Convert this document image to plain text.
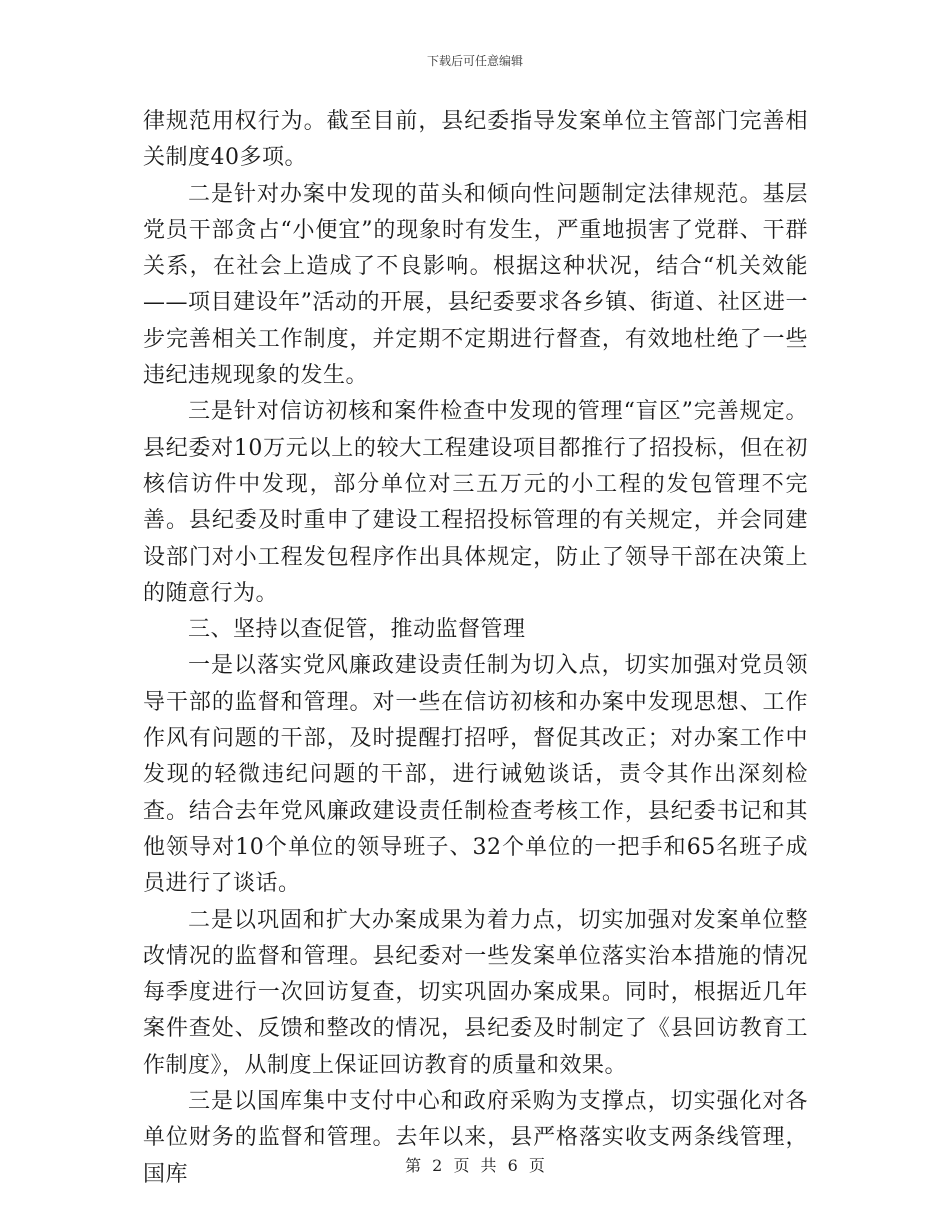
下载后可任意编辑

律规范用权行为。截至目前，县纪委指导发案单位主管部门完善相关制度40多项。

二是针对办案中发现的苗头和倾向性问题制定法律规范。基层党员干部贪占“小便宜”的现象时有发生，严重地损害了党群、干群关系，在社会上造成了不良影响。根据这种状况，结合“机关效能——项目建设年”活动的开展，县纪委要求各乡镇、街道、社区进一步完善相关工作制度，并定期不定期进行督查，有效地杜绝了一些违纪违规现象的发生。

三是针对信访初核和案件检查中发现的管理“盲区”完善规定。县纪委对10万元以上的较大工程建设项目都推行了招投标，但在初核信访件中发现，部分单位对三五万元的小工程的发包管理不完善。县纪委及时重申了建设工程招投标管理的有关规定，并会同建设部门对小工程发包程序作出具体规定，防止了领导干部在决策上的随意行为。

三、坚持以查促管，推动监督管理

一是以落实党风廉政建设责任制为切入点，切实加强对党员领导干部的监督和管理。对一些在信访初核和办案中发现思想、工作作风有问题的干部，及时提醒打招呼，督促其改正；对办案工作中发现的轻微违纪问题的干部，进行诫勉谈话，责令其作出深刻检查。结合去年党风廉政建设责任制检查考核工作，县纪委书记和其他领导对10个单位的领导班子、32个单位的一把手和65名班子成员进行了谈话。

二是以巩固和扩大办案成果为着力点，切实加强对发案单位整改情况的监督和管理。县纪委对一些发案单位落实治本措施的情况每季度进行一次回访复查，切实巩固办案成果。同时，根据近几年案件查处、反馈和整改的情况，县纪委及时制定了《县回访教育工作制度》，从制度上保证回访教育的质量和效果。

三是以国库集中支付中心和政府采购为支撑点，切实强化对各单位财务的监督和管理。去年以来，县严格落实收支两条线管理，国库	第 2 页 共 6 页
